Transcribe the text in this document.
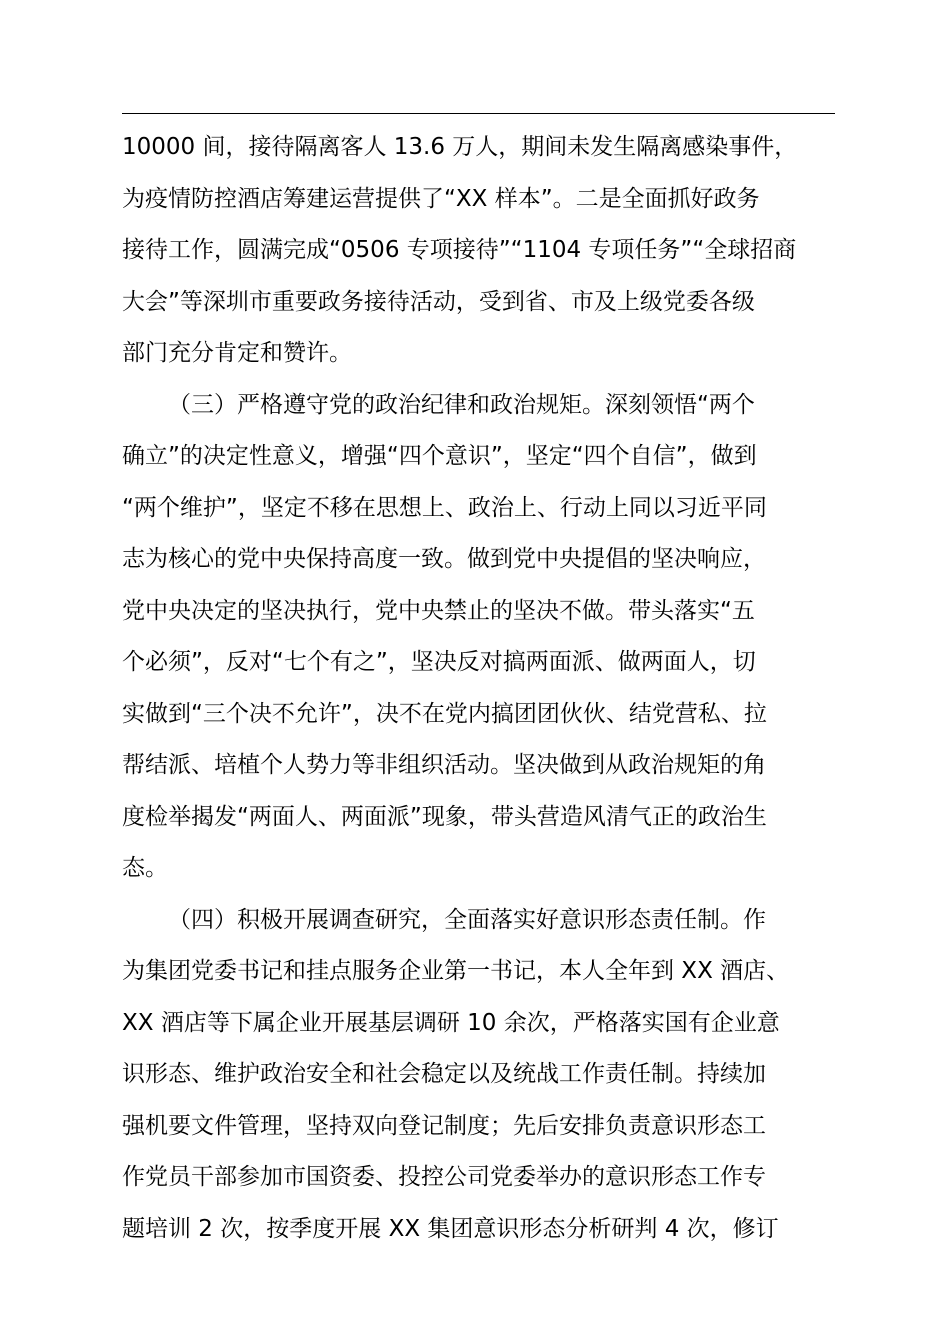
10000 间，接待隔离客人 13.6 万人，期间未发生隔离感染事件，
为疫情防控酒店筹建运营提供了“XX 样本”。二是全面抓好政务
接待工作，圆满完成“0506 专项接待”“1104 专项任务”“全球招商
大会”等深圳市重要政务接待活动，受到省、市及上级党委各级
部门充分肯定和赞许。
（三）严格遵守党的政治纪律和政治规矩。深刻领悟“两个
确立”的决定性意义，增强“四个意识”，坚定“四个自信”，做到
“两个维护”，坚定不移在思想上、政治上、行动上同以习近平同
志为核心的党中央保持高度一致。做到党中央提倡的坚决响应，
党中央决定的坚决执行，党中央禁止的坚决不做。带头落实“五
个必须”，反对“七个有之”，坚决反对搞两面派、做两面人，切
实做到“三个决不允许”，决不在党内搞团团伙伙、结党营私、拉
帮结派、培植个人势力等非组织活动。坚决做到从政治规矩的角
度检举揭发“两面人、两面派”现象，带头营造风清气正的政治生
态。
（四）积极开展调查研究，全面落实好意识形态责任制。作
为集团党委书记和挂点服务企业第一书记，本人全年到 XX 酒店、
XX 酒店等下属企业开展基层调研 10 余次，严格落实国有企业意
识形态、维护政治安全和社会稳定以及统战工作责任制。持续加
强机要文件管理，坚持双向登记制度；先后安排负责意识形态工
作党员干部参加市国资委、投控公司党委举办的意识形态工作专
题培训 2 次，按季度开展 XX 集团意识形态分析研判 4 次，修订
